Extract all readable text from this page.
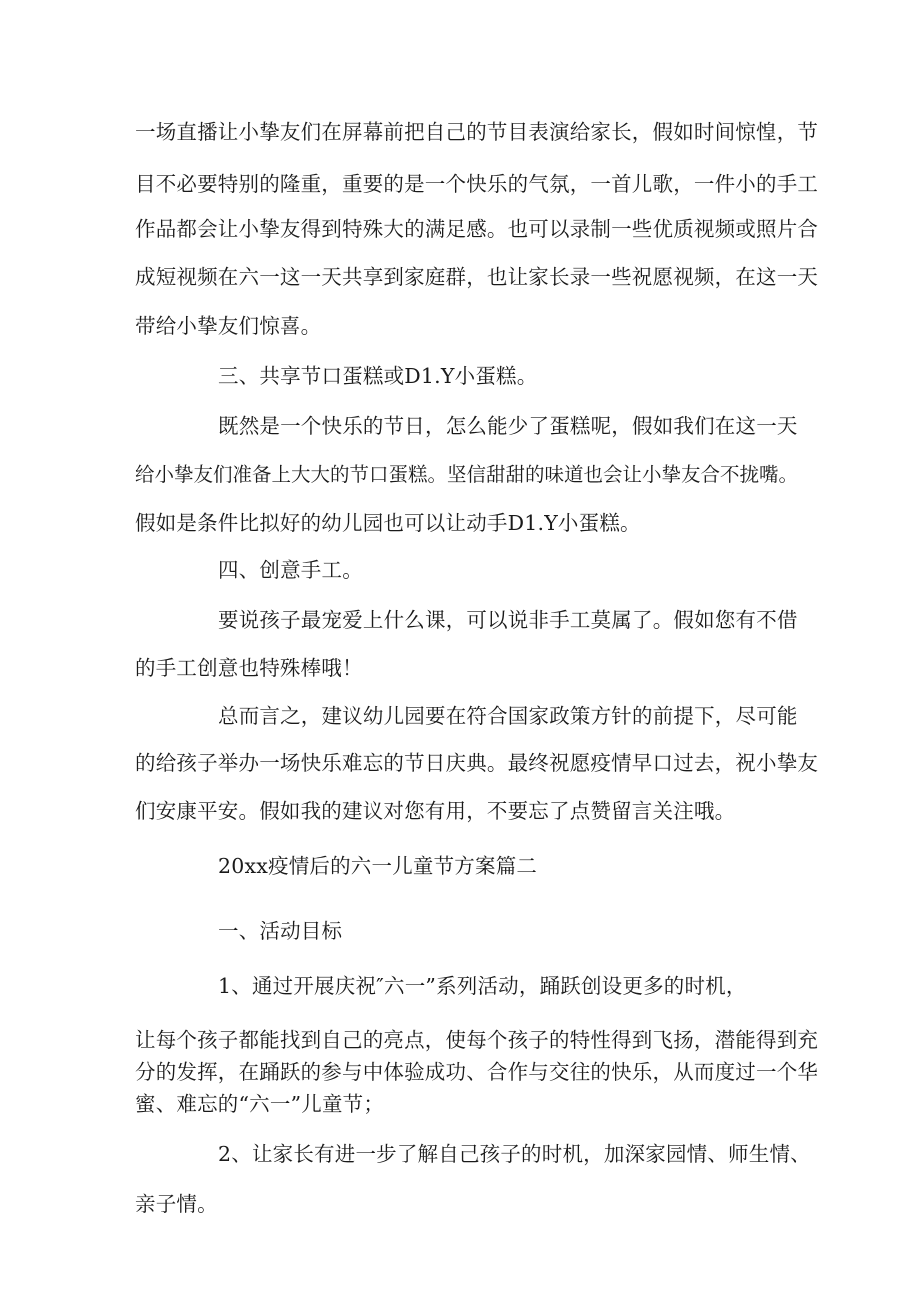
一场直播让小挚友们在屏幕前把自己的节目表演给家长，假如时间惊惶，节
目不必要特别的隆重，重要的是一个快乐的气氛，一首儿歌，一件小的手工
作品都会让小挚友得到特殊大的满足感。也可以录制一些优质视频或照片合
成短视频在六一这一天共享到家庭群，也让家长录一些祝愿视频，在这一天
带给小挚友们惊喜。
三、共享节口蛋糕或D1.Y小蛋糕。
既然是一个快乐的节日，怎么能少了蛋糕呢，假如我们在这一天
给小挚友们准备上大大的节口蛋糕。坚信甜甜的味道也会让小挚友合不拢嘴。
假如是条件比拟好的幼儿园也可以让动手D1.Y小蛋糕。
四、创意手工。
要说孩子最宠爱上什么课，可以说非手工莫属了。假如您有不借
的手工创意也特殊棒哦！
总而言之，建议幼儿园要在符合国家政策方针的前提下，尽可能
的给孩子举办一场快乐难忘的节日庆典。最终祝愿疫情早口过去，祝小挚友
们安康平安。假如我的建议对您有用，不要忘了点赞留言关注哦。
20xx疫情后的六一儿童节方案篇二
一、活动目标
1、通过开展庆祝″六一”系列活动，踊跃创设更多的时机，
让每个孩子都能找到自己的亮点，使每个孩子的特性得到飞扬，潜能得到充
分的发挥，在踊跃的参与中体验成功、合作与交往的快乐，从而度过一个华
蜜、难忘的“六一”儿童节；
2、让家长有进一步了解自己孩子的时机，加深家园情、师生情、
亲子情。
